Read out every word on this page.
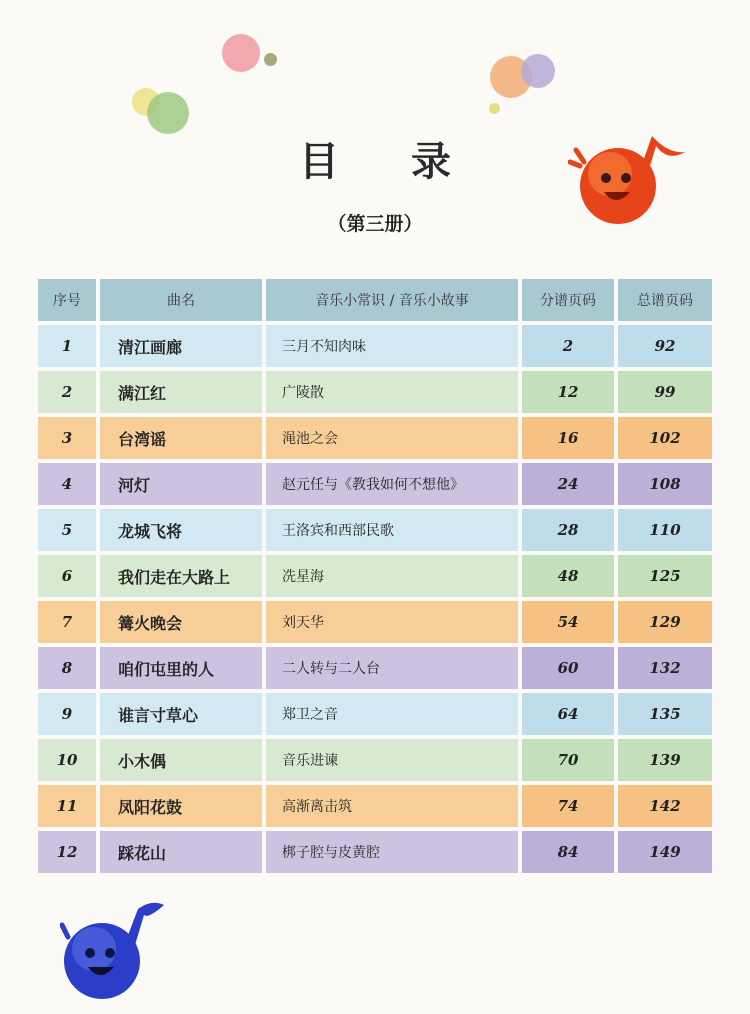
目录
（第三册）
序号	曲名	音乐小常识 / 音乐小故事	分谱页码	总谱页码
1	清江画廊	三月不知肉味	2	92
2	满江红	广陵散	12	99
3	台湾谣	渑池之会	16	102
4	河灯	赵元任与《教我如何不想他》	24	108
5	龙城飞将	王洛宾和西部民歌	28	110
6	我们走在大路上	冼星海	48	125
7	篝火晚会	刘天华	54	129
8	咱们屯里的人	二人转与二人台	60	132
9	谁言寸草心	郑卫之音	64	135
10	小木偶	音乐进谏	70	139
11	凤阳花鼓	高渐离击筑	74	142
12	踩花山	梆子腔与皮黄腔	84	149
